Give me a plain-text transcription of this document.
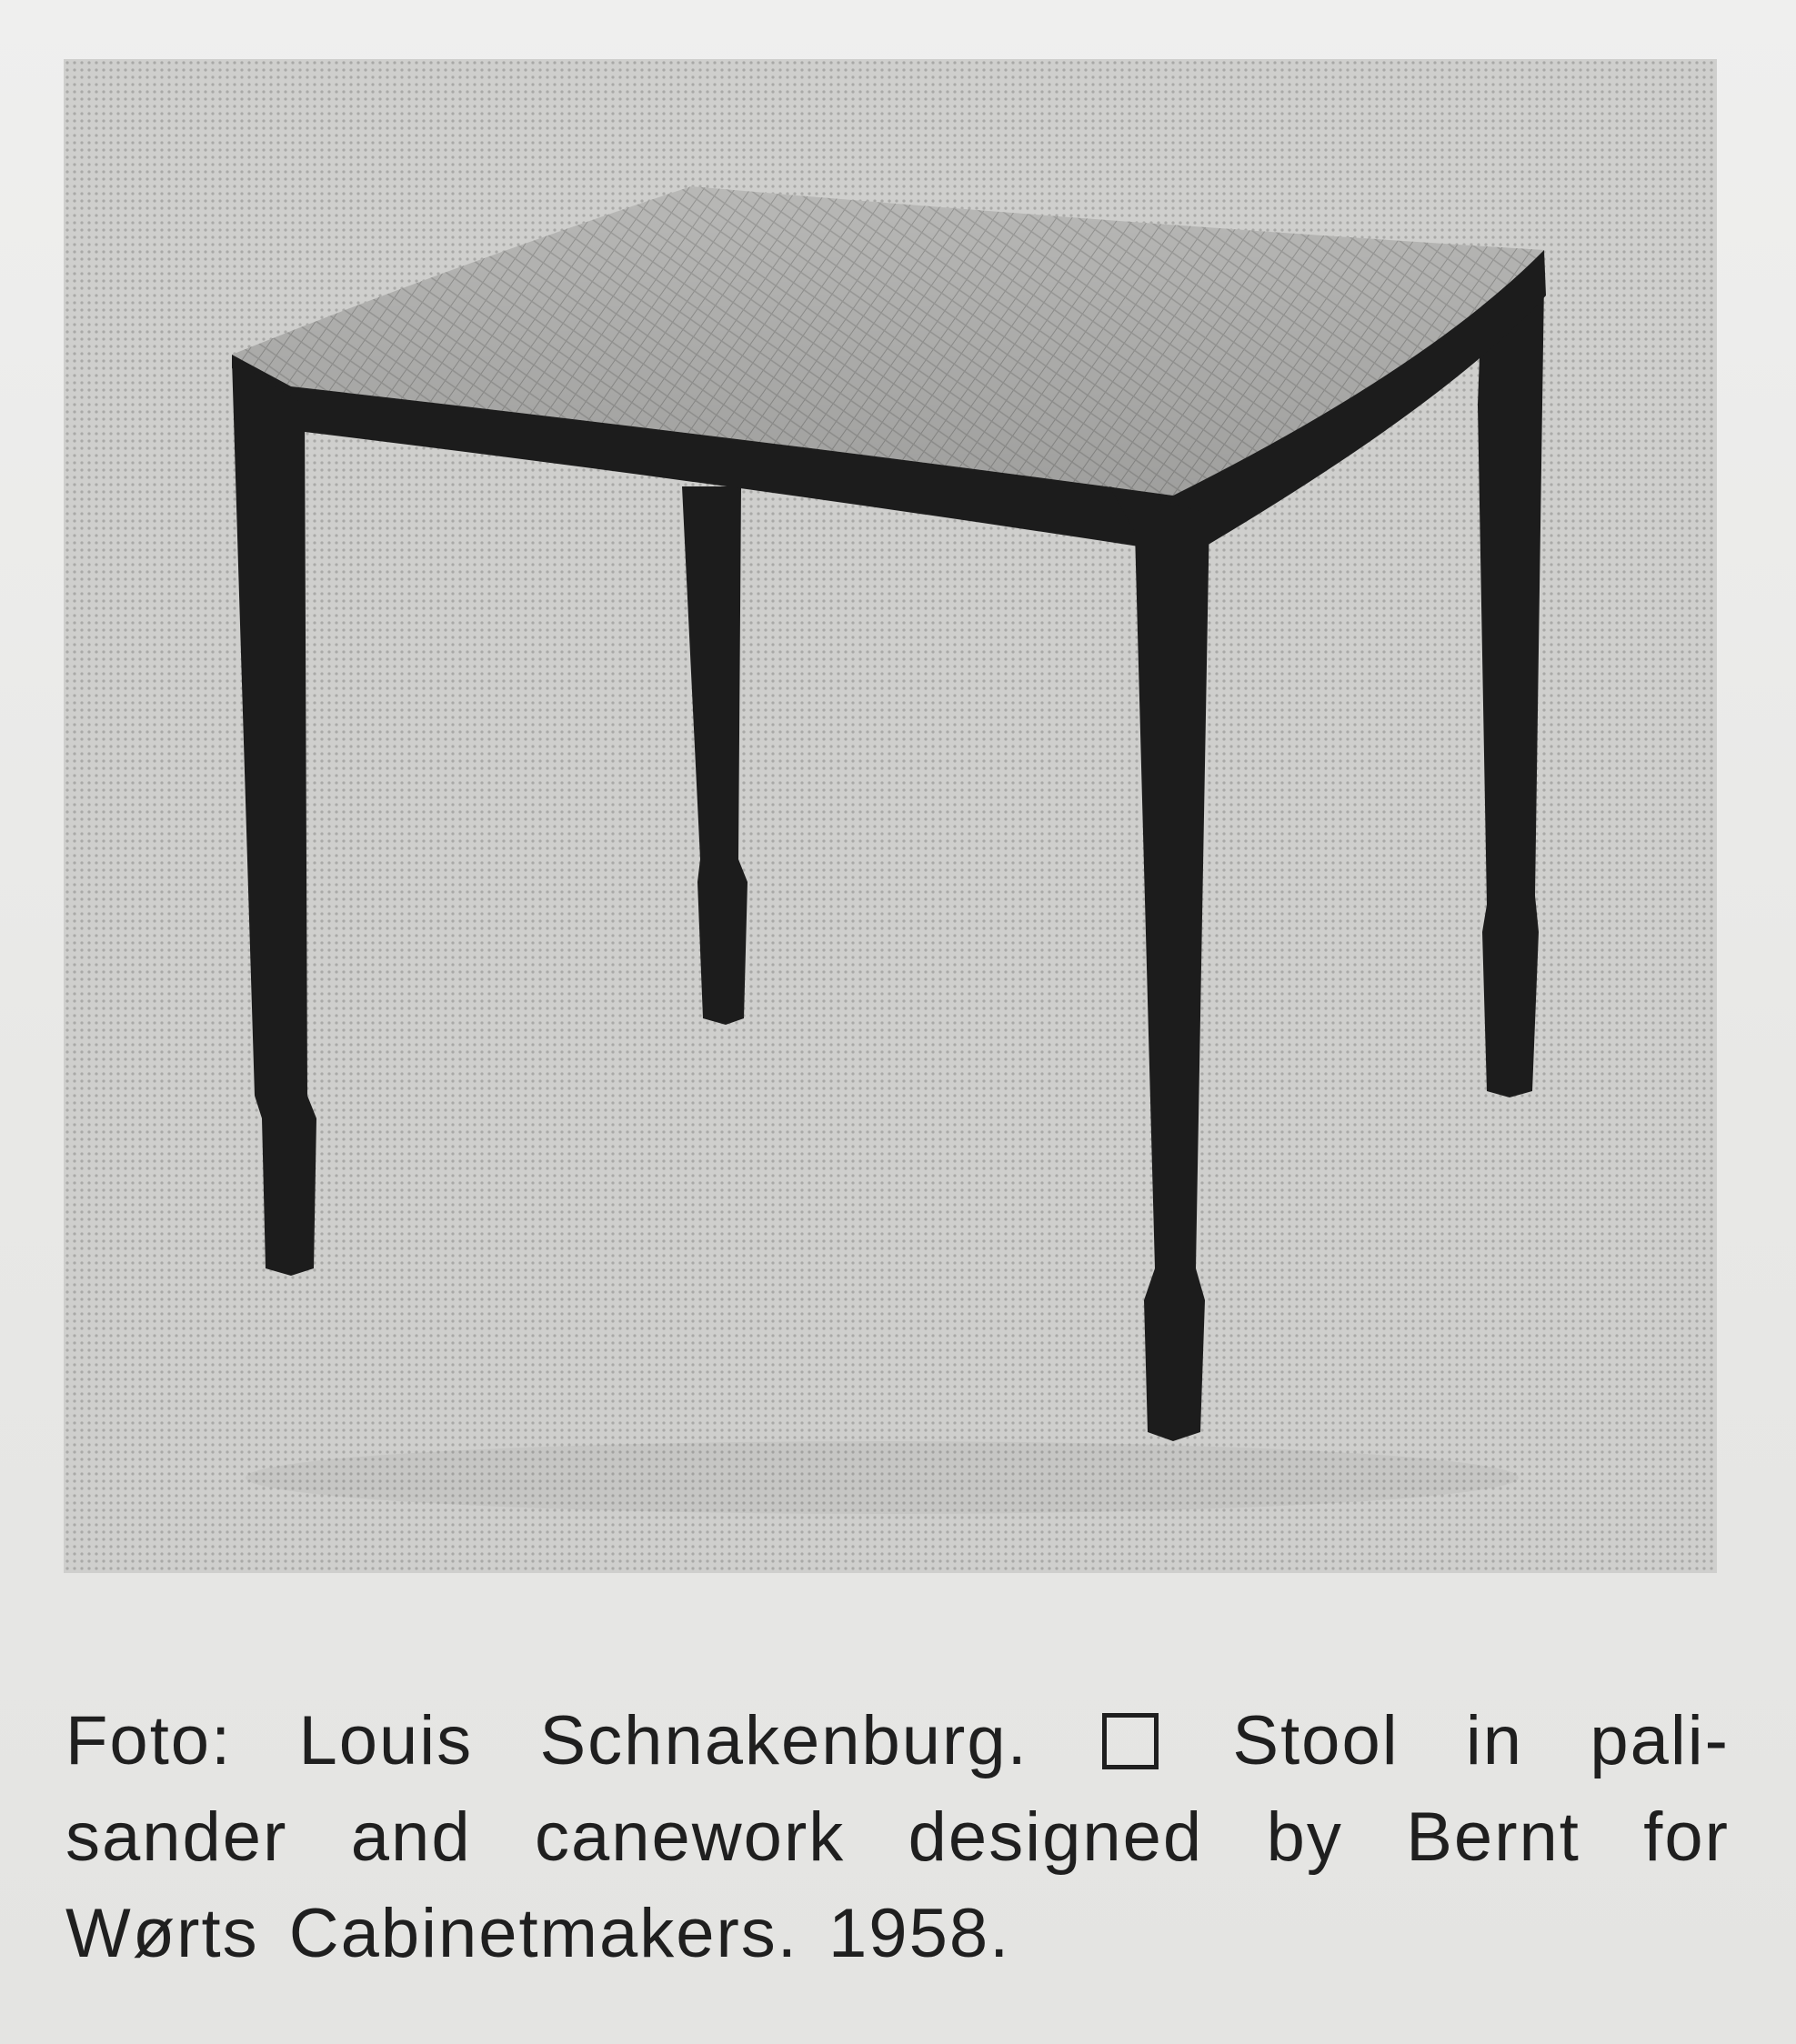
Foto: Louis Schnakenburg.	Stool in pali-
sander and canework designed by Bernt for
Wørts Cabinetmakers. 1958.
